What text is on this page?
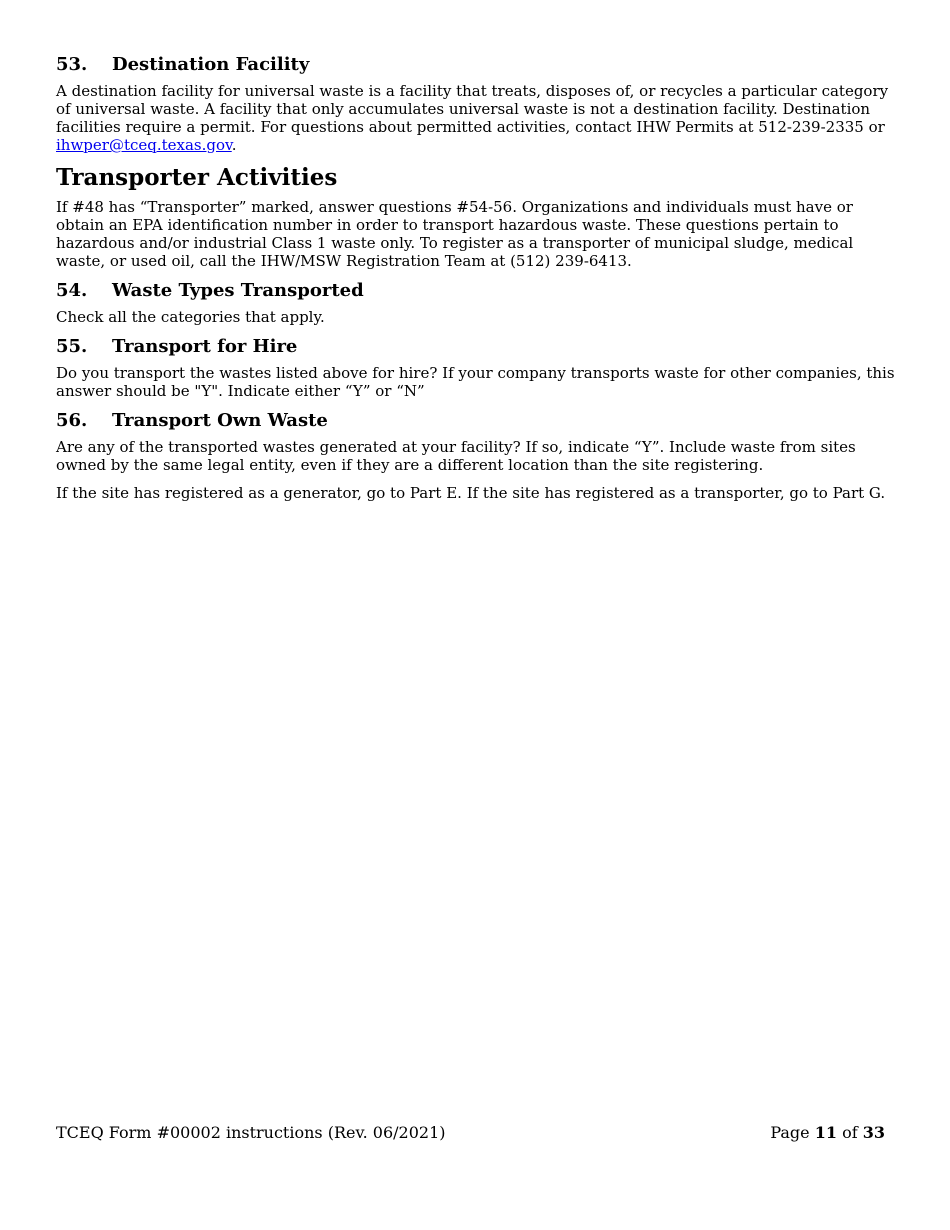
53.	Destination Facility

A destination facility for universal waste is a facility that treats, disposes of, or recycles a particular category of universal waste. A facility that only accumulates universal waste is not a destination facility. Destination facilities require a permit. For questions about permitted activities, contact IHW Permits at 512-239-2335 or ihwper@tceq.texas.gov.

Transporter Activities

If #48 has “Transporter” marked, answer questions #54-56. Organizations and individuals must have or obtain an EPA identification number in order to transport hazardous waste. These questions pertain to hazardous and/or industrial Class 1 waste only. To register as a transporter of municipal sludge, medical waste, or used oil, call the IHW/MSW Registration Team at (512) 239-6413.

54.	Waste Types Transported

Check all the categories that apply.

55.	Transport for Hire

Do you transport the wastes listed above for hire? If your company transports waste for other companies, this answer should be "Y". Indicate either “Y” or “N”

56.	Transport Own Waste

Are any of the transported wastes generated at your facility? If so, indicate “Y”. Include waste from sites owned by the same legal entity, even if they are a different location than the site registering.

If the site has registered as a generator, go to Part E. If the site has registered as a transporter, go to Part G.

TCEQ Form #00002 instructions (Rev. 06/2021)	Page 11 of 33
